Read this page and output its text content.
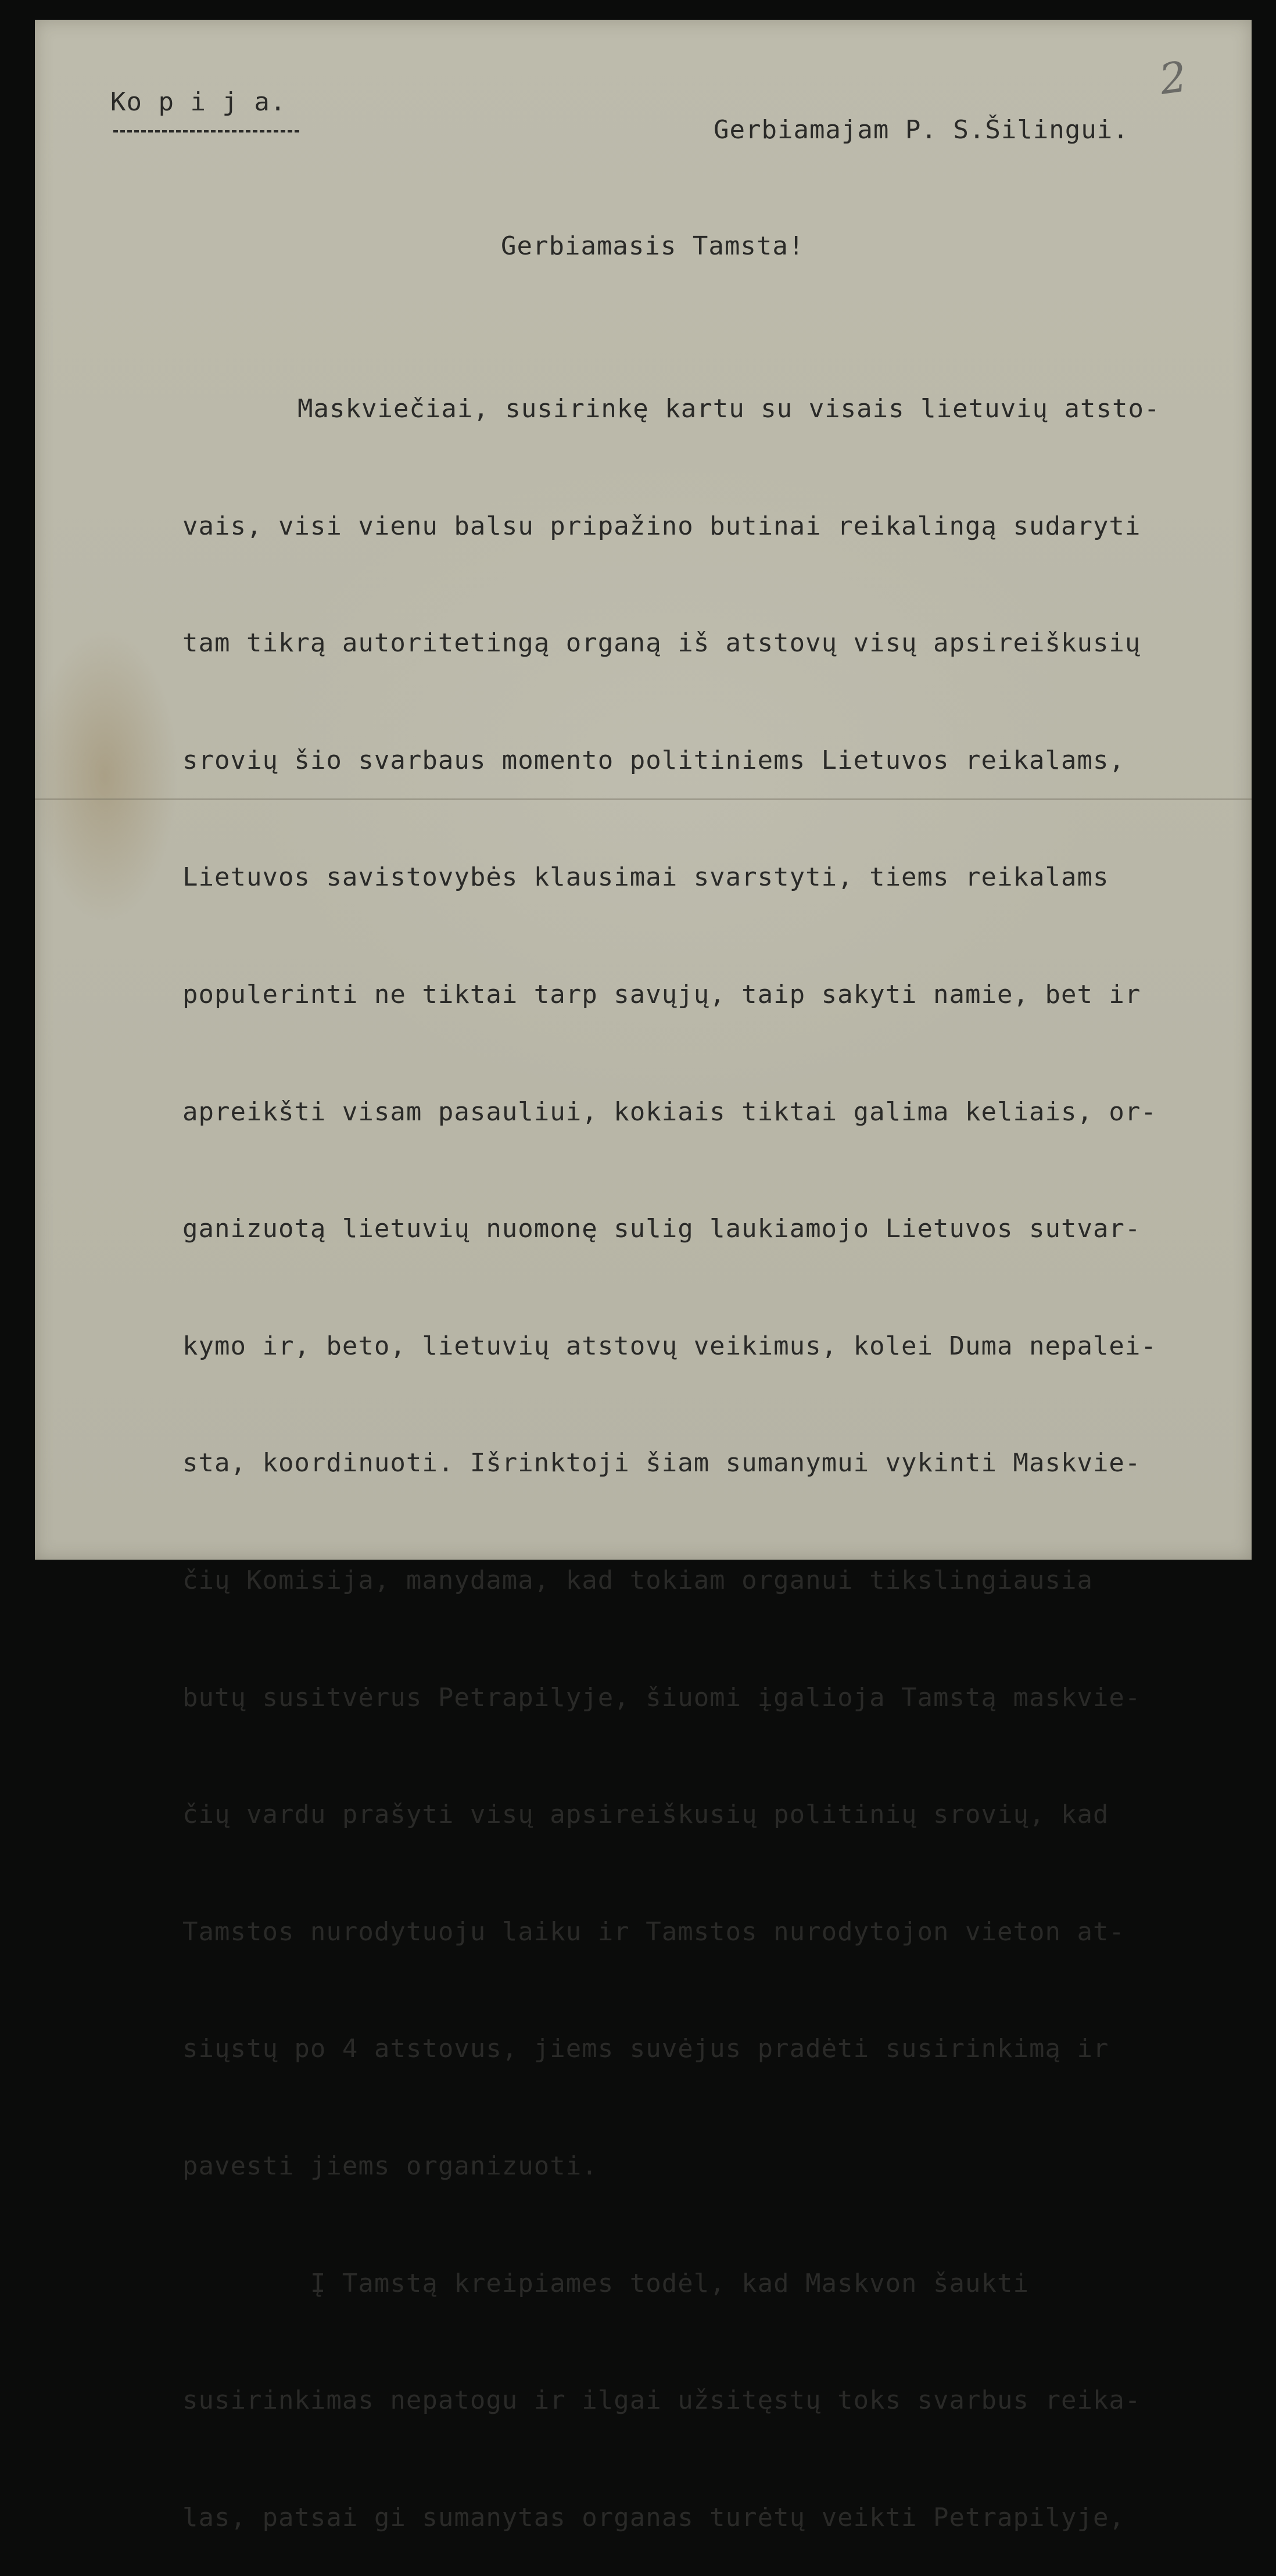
Ko p i j a.	2
Gerbiamajam P. S.Šilingui.
Gerbiamasis Tamsta!

Maskviečiai, susirinkę kartu su visais lietuvių atsto-

vais, visi vienu balsu pripažino butinai reikalingą sudaryti

tam tikrą autoritetingą organą iš atstovų visų apsireiškusių

srovių šio svarbaus momento politiniems Lietuvos reikalams,

Lietuvos savistovybės klausimai svarstyti, tiems reikalams

populerinti ne tiktai tarp savųjų, taip sakyti namie, bet ir

apreikšti visam pasauliui, kokiais tiktai galima keliais, or-

ganizuotą lietuvių nuomonę sulig laukiamojo Lietuvos sutvar-

kymo ir, beto, lietuvių atstovų veikimus, kolei Duma nepalei-

sta, koordinuoti. Išrinktoji šiam sumanymui vykinti Maskvie-

čių Komisija, manydama, kad tokiam organui tikslingiausia

butų susitvėrus Petrapilyje, šiuomi įgalioja Tamstą maskvie-

čių vardu prašyti visų apsireiškusių politinių srovių, kad

Tamstos nurodytuoju laiku ir Tamstos nurodytojon vieton at-

siųstų po 4 atstovus, jiems suvėjus pradėti susirinkimą ir

pavesti jiems organizuoti.

Į Tamstą kreipiames todėl, kad Maskvon šaukti

susirinkimas nepatogu ir ilgai užsitęstų toks svarbus reika-

las, patsai gi sumanytas organas turėtų veikti Petrapilyje,
